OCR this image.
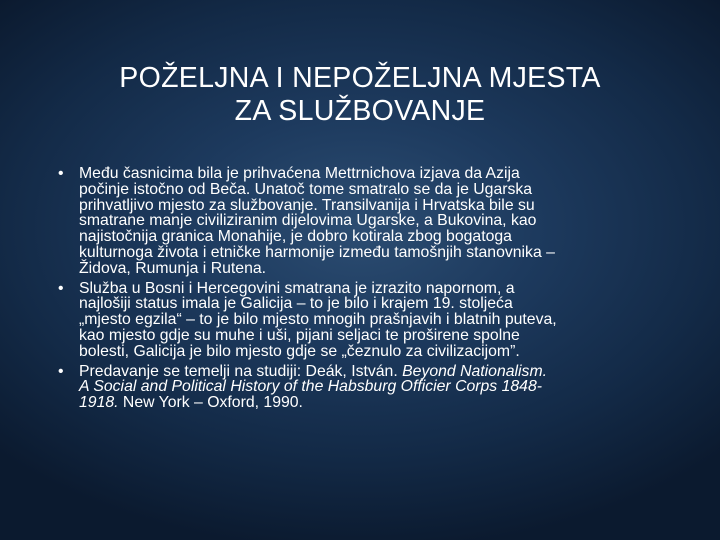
POŽELJNA I NEPOŽELJNA MJESTA
ZA SLUŽBOVANJE
• Među časnicima bila je prihvaćena Mettrnichova izjava da Azija
počinje istočno od Beča. Unatoč tome smatralo se da je Ugarska
prihvatljivo mjesto za službovanje. Transilvanija i Hrvatska bile su
smatrane manje civiliziranim dijelovima Ugarske, a Bukovina, kao
najistočnija granica Monahije, je dobro kotirala zbog bogatoga
kulturnoga života i etničke harmonije između tamošnjih stanovnika –
Židova, Rumunja i Rutena.
• Služba u Bosni i Hercegovini smatrana je izrazito napornom, a
najlošiji status imala je Galicija – to je bilo i krajem 19. stoljeća
„mjesto egzila“ – to je bilo mjesto mnogih prašnjavih i blatnih puteva,
kao mjesto gdje su muhe i uši, pijani seljaci te proširene spolne
bolesti, Galicija je bilo mjesto gdje se „čeznulo za civilizacijom”.
• Predavanje se temelji na studiji: Deák, István. Beyond Nationalism.
A Social and Political History of the Habsburg Officier Corps 1848-
1918. New York – Oxford, 1990.
